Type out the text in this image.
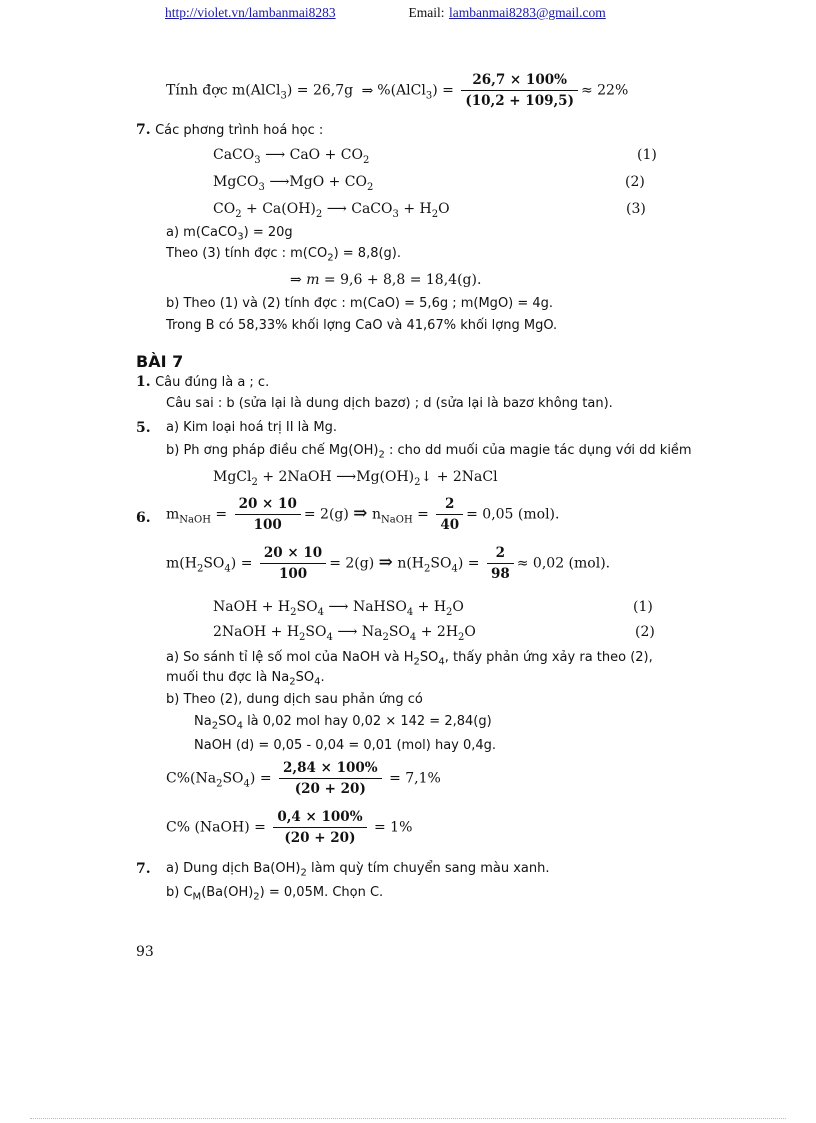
http://violet.vn/lambanmai8283	Email: lambanmai8283@gmail.com
Tính đợc m(AlCl$_3$) = 26,7g ⇒ %(AlCl$_3$) = $\frac{26,7 \times 100\%}{(10,2 + 109,5)} \approx 22\%$
7. Các phơng trình hoá học :
CaCO$_3$ ⟶ CaO + $CO_2$	(1)
MgCO$_3$ ⟶MgO + $CO_2$	(2)
$CO_2 + Ca(OH)_2$ ⟶ CaCO$_3$ + $H_2O$	(3)
a) m(CaCO$_3$) = 20g
Theo (3) tính đợc : $m(CO_2) = 8,8(g)$.
⇒ m = 9,6 + 8,8 = 18,4(g).
b) Theo (1) và (2) tính đợc : m(CaO) = 5,6g ; m(MgO) = 4g.
Trong B có 58,33% khối lợng CaO và 41,67% khối lợng MgO.
BÀI 7
1. Câu đúng là a ; c.
Câu sai : b (sửa lại là dung dịch bazơ) ; d (sửa lại là bazơ không tan).
5. a) Kim loại hoá trị II là Mg.
b) Ph ơng pháp điều chế $Mg(OH)_2$ : cho dd muối của magie tác dụng với dd kiềm
MgCl$_2$ + 2NaOH $⟶Mg(OH)_2↓$ + 2NaCl
6. $m_{NaOH} = \frac{20 \times 10}{100} = 2(g)$ ⇒ $n_{NaOH} = \frac{2}{40} = 0,05$ (mol).
$m(H_2SO_4) = \frac{20 \times 10}{100} = 2(g)$ ⇒ $n(H_2SO_4) = \frac{2}{98} \approx 0,02$ (mol).
NaOH + $H_2SO_4$ ⟶ NaHSO$_4$ + $H_2O$	(1)
2NaOH + $H_2SO_4$ ⟶ $Na_2SO_4 + 2H_2O$	(2)
a) So sánh tỉ lệ số mol của NaOH và $H_2SO_4$, thấy phản ứng xảy ra theo (2),
muối thu đợc là $Na_2SO_4$.
b) Theo (2), dung dịch sau phản ứng có
$Na_2SO_4$ là 0,02 mol hay 0,02 × 142 = 2,84(g)
NaOH (d) = 0,05 - 0,04 = 0,01 (mol) hay 0,4g.
$C\%(Na_2SO_4) = \frac{2,84 \times 100\%}{(20 + 20)} = 7,1\%$
C% (NaOH) = $\frac{0,4 \times 100\%}{(20 + 20)} = 1\%$
7. a) Dung dịch $Ba(OH)_2$ làm quỳ tím chuyển sang màu xanh.
b) $C_M(Ba(OH)_2) = 0,05M$. Chọn C.
93
